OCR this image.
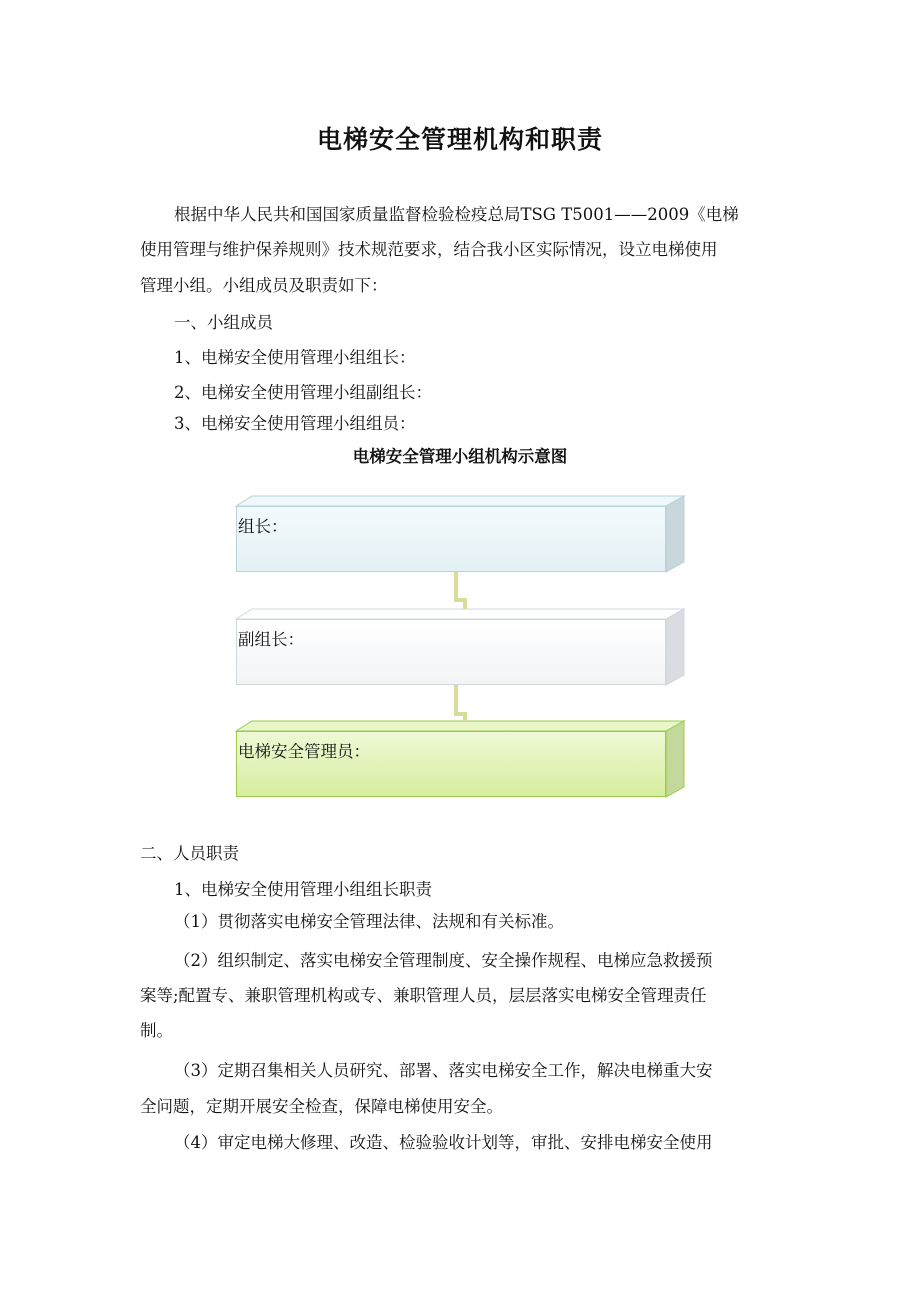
电梯安全管理机构和职责
根据中华人民共和国国家质量监督检验检疫总局TSG T5001——2009《电梯
使用管理与维护保养规则》技术规范要求，结合我小区实际情况，设立电梯使用
管理小组。小组成员及职责如下：
一、小组成员
1、电梯安全使用管理小组组长：
2、电梯安全使用管理小组副组长：
3、电梯安全使用管理小组组员：
电梯安全管理小组机构示意图
组长：
副组长：
电梯安全管理员：
二、人员职责
1、电梯安全使用管理小组组长职责
（1）贯彻落实电梯安全管理法律、法规和有关标准。
（2）组织制定、落实电梯安全管理制度、安全操作规程、电梯应急救援预
案等;配置专、兼职管理机构或专、兼职管理人员，层层落实电梯安全管理责任
制。
（3）定期召集相关人员研究、部署、落实电梯安全工作，解决电梯重大安
全问题，定期开展安全检查，保障电梯使用安全。
（4）审定电梯大修理、改造、检验验收计划等，审批、安排电梯安全使用
